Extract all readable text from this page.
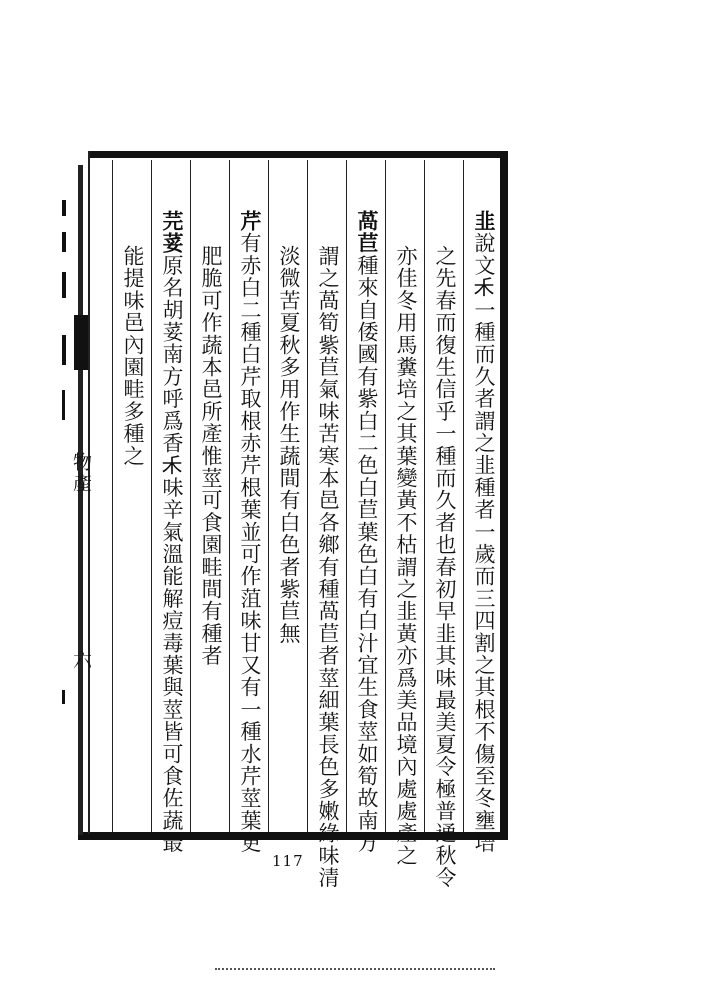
物產
六
韭說文𥝌一種而久者謂之韭種者一歲而三四割之其根不傷至冬壅培
之先春而復生信乎一種而久者也春初早韭其味最美夏令極普通秋令
亦佳冬用馬糞培之其葉變黃不枯謂之韭黃亦爲美品境內處處產之
萵苣種來自倭國有紫白二色白苣葉色白有白汁宜生食莖如筍故南方
謂之萵筍紫苣氣味苦寒本邑各鄉有種萵苣者莖細葉長色多嫩綠味清
淡微苦夏秋多用作生蔬間有白色者紫苣無
芹有赤白二種白芹取根赤芹根葉並可作菹味甘又有一種水芹莖葉更
肥脆可作蔬本邑所產惟莖可食園畦間有種者
芫荽原名胡荽南方呼爲香𥝌味辛氣溫能解痘毒葉與莖皆可食佐蔬最
能提味邑內園畦多種之
117
